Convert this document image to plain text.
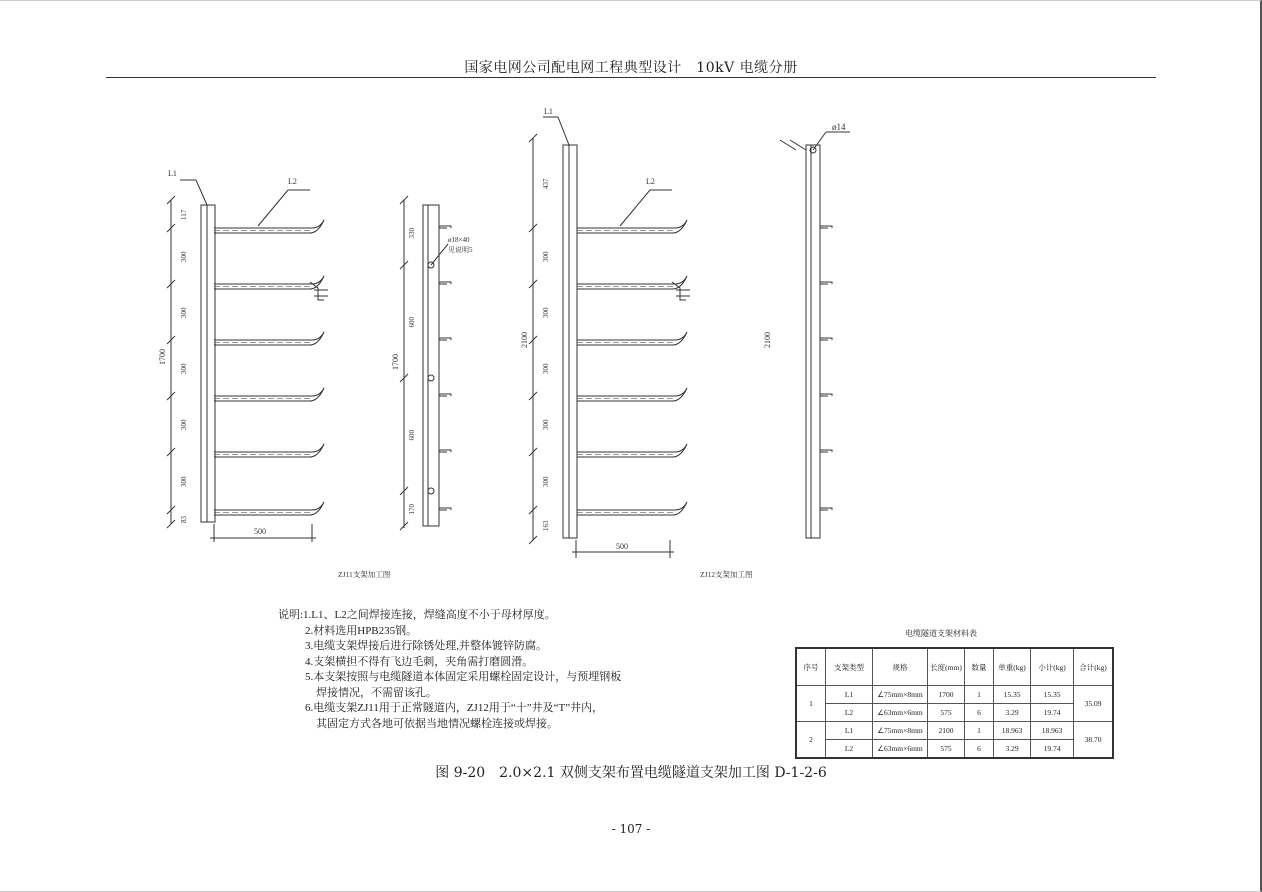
国家电网公司配电网工程典型设计　10kV 电缆分册
L1
L2
1700
500
117
300
300
300
300
300
83
ZJ11支架加工图
ø18×40
见说明5
1700
330
600
600
170
L1
L2
2100
500
437
300
300
300
300
300
163
ZJ12支架加工图
ø14
2100
说明:1.L1、L2之间焊接连接，焊缝高度不小于母材厚度。
2.材料选用HPB235钢。
3.电缆支架焊接后进行除锈处理,并整体镀锌防腐。
4.支架横担不得有飞边毛刺，夹角需打磨圆滑。
5.本支架按照与电缆隧道本体固定采用螺栓固定设计，与预埋钢板
焊接情况，不需留该孔。
6.电缆支架ZJ11用于正常隧道内，ZJ12用于“十”井及“T”井内，
其固定方式各地可依据当地情况螺栓连接或焊接。
电缆隧道支架材料表
序号	支架类型	规格	长度(mm)	数量	单重(kg)	小计(kg)	合计(kg)
1	L1	∠75mm×8mm	1700	1	15.35	15.35	35.09
	L2	∠63mm×6mm	575	6	3.29	19.74	
2	L1	∠75mm×8mm	2100	1	18.963	18.963	38.70
	L2	∠63mm×6mm	575	6	3.29	19.74	
图 9-20　2.0×2.1 双侧支架布置电缆隧道支架加工图 D-1-2-6
- 107 -
